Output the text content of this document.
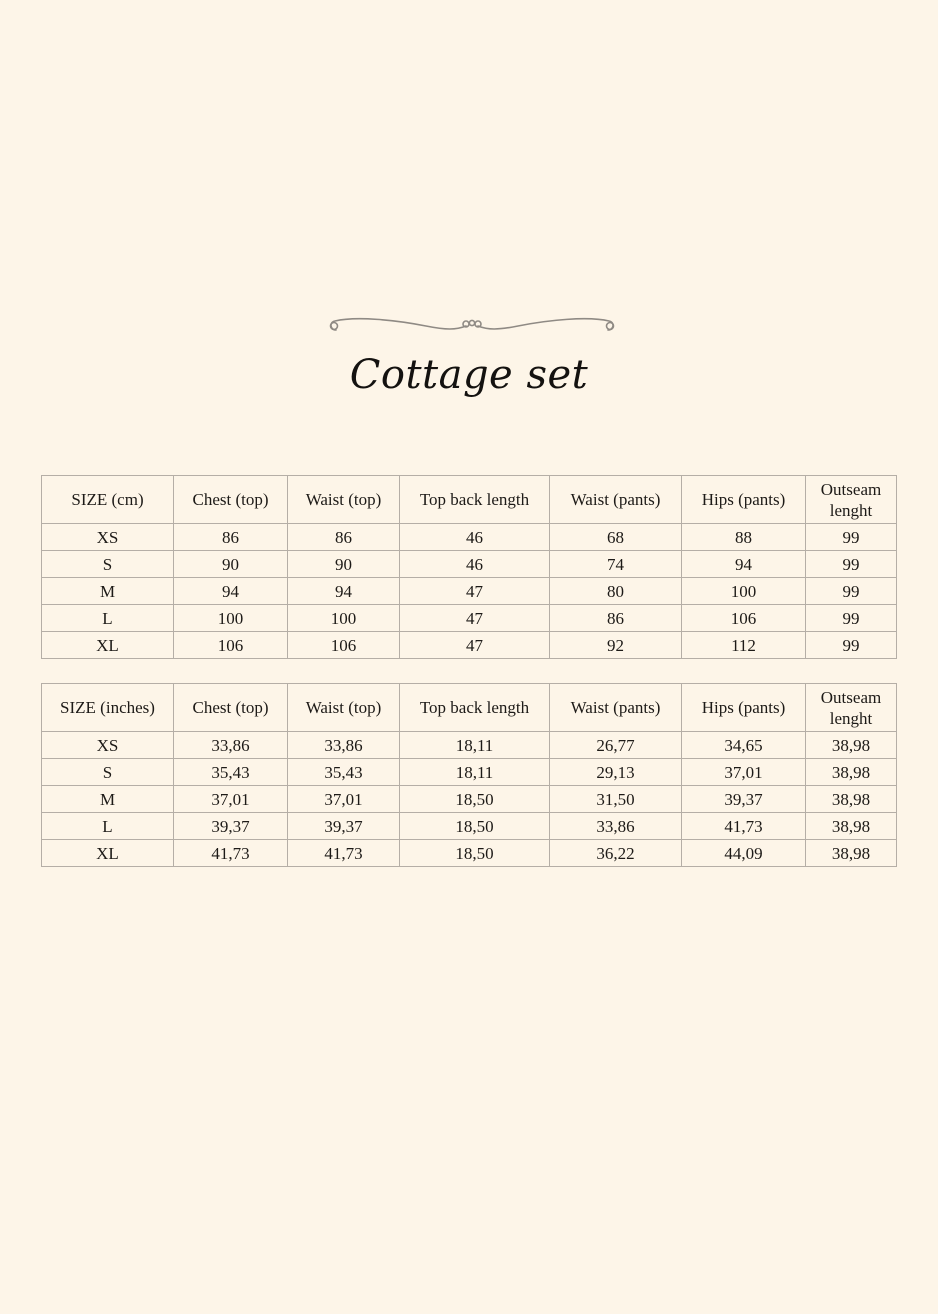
Cottage set
SIZE (cm)	Chest (top)	Waist (top)	Top back length	Waist (pants)	Hips (pants)	Outseam lenght
XS	86	86	46	68	88	99
S	90	90	46	74	94	99
M	94	94	47	80	100	99
L	100	100	47	86	106	99
XL	106	106	47	92	112	99
SIZE (inches)	Chest (top)	Waist (top)	Top back length	Waist (pants)	Hips (pants)	Outseam lenght
XS	33,86	33,86	18,11	26,77	34,65	38,98
S	35,43	35,43	18,11	29,13	37,01	38,98
M	37,01	37,01	18,50	31,50	39,37	38,98
L	39,37	39,37	18,50	33,86	41,73	38,98
XL	41,73	41,73	18,50	36,22	44,09	38,98
